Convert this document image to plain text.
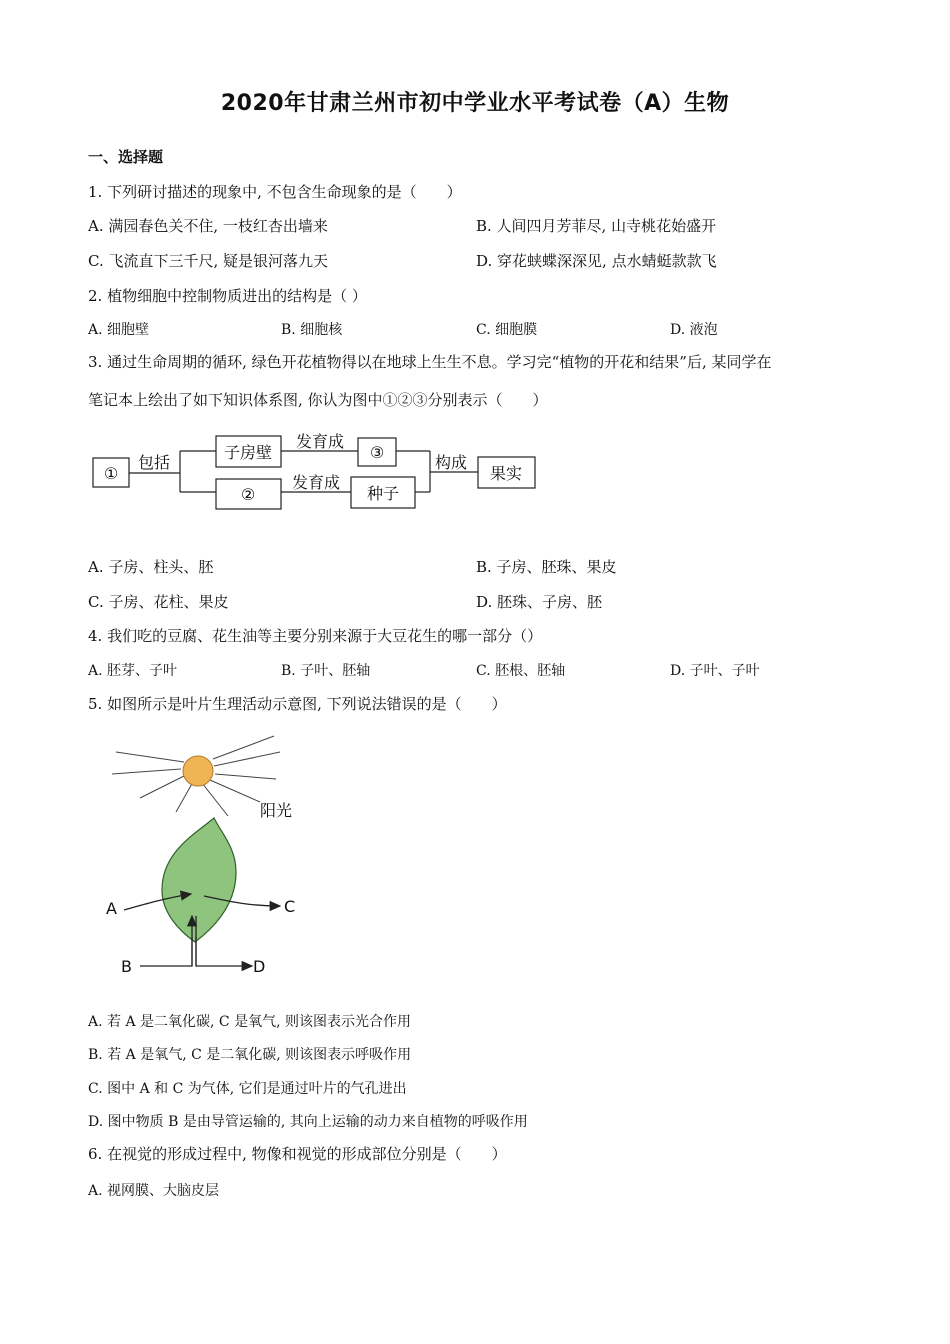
2020年甘肃兰州市初中学业水平考试卷（A）生物
一、选择题
1. 下列研讨描述的现象中, 不包含生命现象的是（　　）
A. 满园春色关不住, 一枝红杏出墙来	B. 人间四月芳菲尽, 山寺桃花始盛开
C. 飞流直下三千尺, 疑是银河落九天	D. 穿花蛱蝶深深见, 点水蜻蜓款款飞
2. 植物细胞中控制物质进出的结构是（ ）
A. 细胞壁	B. 细胞核	C. 细胞膜	D. 液泡
3. 通过生命周期的循环, 绿色开花植物得以在地球上生生不息。学习完“植物的开花和结果”后, 某同学在
笔记本上绘出了如下知识体系图, 你认为图中①②③分别表示（　　）
①
包括
子房壁
发育成
③
②
发育成
种子
构成
果实
A. 子房、柱头、胚	B. 子房、胚珠、果皮
C. 子房、花柱、果皮	D. 胚珠、子房、胚
4. 我们吃的豆腐、花生油等主要分别来源于大豆花生的哪一部分（）
A. 胚芽、子叶	B. 子叶、胚轴	C. 胚根、胚轴	D. 子叶、子叶
5. 如图所示是叶片生理活动示意图, 下列说法错误的是（　　）
阳光
A	C
B	D
A. 若 A 是二氧化碳, C 是氧气, 则该图表示光合作用
B. 若 A 是氧气, C 是二氧化碳, 则该图表示呼吸作用
C. 图中 A 和 C 为气体, 它们是通过叶片的气孔进出
D. 图中物质 B 是由导管运输的, 其向上运输的动力来自植物的呼吸作用
6. 在视觉的形成过程中, 物像和视觉的形成部位分别是（　　）
A. 视网膜、大脑皮层
